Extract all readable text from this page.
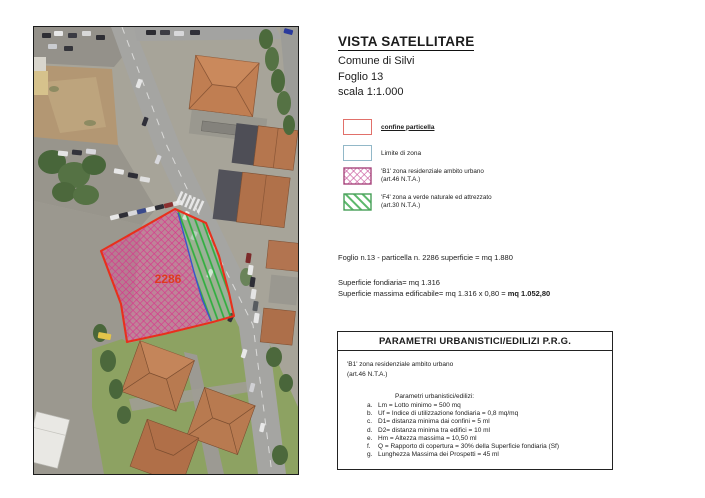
2286
VISTA SATELLITARE
Comune di Silvi
Foglio 13
scala 1:1.000
confine particella
Limite di zona
'B1' zona residenziale ambito urbano
(art.46 N.T.A.)
'F4' zona a verde naturale ed attrezzato
(art.30 N.T.A.)
Foglio n.13 - particella n. 2286 superficie = mq 1.880
Superficie fondiaria= mq 1.316
Superficie massima edificabile= mq 1.316 x 0,80 = mq 1.052,80
PARAMETRI URBANISTICI/EDILIZI P.R.G.
'B1' zona residenziale ambito urbano
(art.46 N.T.A.)
Parametri urbanistici/edilizi:
a. Lm = Lotto minimo = 500 mq
b. Uf = Indice di utilizzazione fondiaria = 0,8 mq/mq
c. D1= distanza minima dai confini = 5 ml
d. D2= distanza minima tra edifici = 10 ml
e. Hm = Altezza massima = 10,50 ml
f.	Q = Rapporto di copertura = 30% della Superficie fondiaria (Sf)
g. Lunghezza Massima dei Prospetti = 45 ml
